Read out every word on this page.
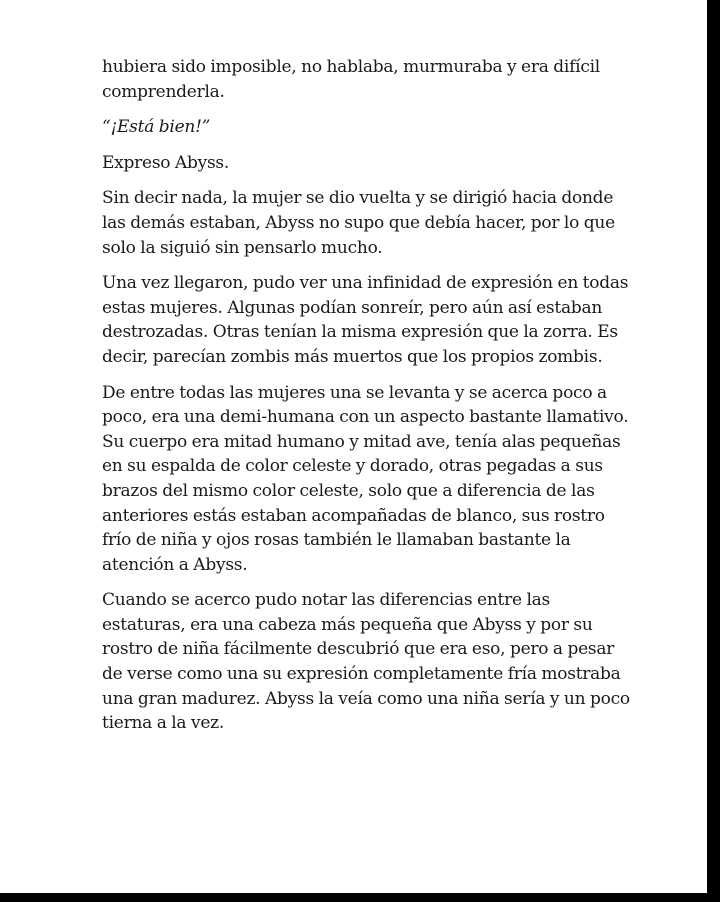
hubiera sido imposible, no hablaba, murmuraba y era difícil comprenderla.

“¡Está bien!”

Expreso Abyss.

Sin decir nada, la mujer se dio vuelta y se dirigió hacia donde las demás estaban, Abyss no supo que debía hacer, por lo que solo la siguió sin pensarlo mucho.

Una vez llegaron, pudo ver una infinidad de expresión en todas estas mujeres. Algunas podían sonreír, pero aún así estaban destrozadas. Otras tenían la misma expresión que la zorra. Es decir, parecían zombis más muertos que los propios zombis.

De entre todas las mujeres una se levanta y se acerca poco a poco, era una demi-humana con un aspecto bastante llamativo. Su cuerpo era mitad humano y mitad ave, tenía alas pequeñas en su espalda de color celeste y dorado, otras pegadas a sus brazos del mismo color celeste, solo que a diferencia de las anteriores estás estaban acompañadas de blanco, sus rostro frío de niña y ojos rosas también le llamaban bastante la atención a Abyss.

Cuando se acerco pudo notar las diferencias entre las estaturas, era una cabeza más pequeña que Abyss y por su rostro de niña fácilmente descubrió que era eso, pero a pesar de verse como una su expresión completamente fría mostraba una gran madurez. Abyss la veía como una niña sería y un poco tierna a la vez.
